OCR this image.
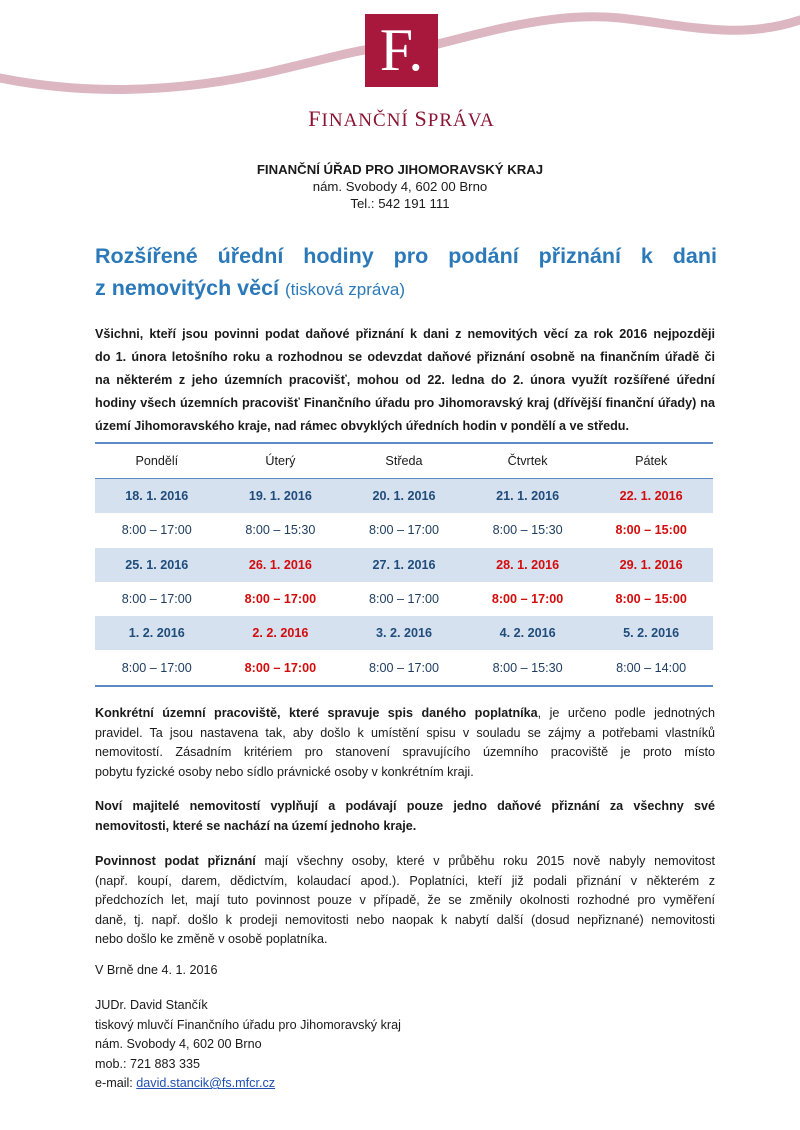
F.
FINANČNÍ SPRÁVA
FINANČNÍ ÚŘAD PRO JIHOMORAVSKÝ KRAJ
nám. Svobody 4, 602 00 Brno
Tel.: 542 191 111
Rozšířené úřední hodiny pro podání přiznání k dani
z nemovitých věcí (tisková zpráva)
Všichni, kteří jsou povinni podat daňové přiznání k dani z nemovitých věcí za rok 2016 nejpozději
do 1. února letošního roku a rozhodnou se odevzdat daňové přiznání osobně na finančním úřadě či
na některém z jeho územních pracovišť, mohou od 22. ledna do 2. února využít rozšířené úřední
hodiny všech územních pracovišť Finančního úřadu pro Jihomoravský kraj (dřívější finanční úřady) na
území Jihomoravského kraje, nad rámec obvyklých úředních hodin v pondělí a ve středu.
Pondělí	Úterý	Středa	Čtvrtek	Pátek
18. 1. 2016	19. 1. 2016	20. 1. 2016	21. 1. 2016	22. 1. 2016
8:00 – 17:00	8:00 – 15:30	8:00 – 17:00	8:00 – 15:30	8:00 – 15:00
25. 1. 2016	26. 1. 2016	27. 1. 2016	28. 1. 2016	29. 1. 2016
8:00 – 17:00	8:00 – 17:00	8:00 – 17:00	8:00 – 17:00	8:00 – 15:00
1. 2. 2016	2. 2. 2016	3. 2. 2016	4. 2. 2016	5. 2. 2016
8:00 – 17:00	8:00 – 17:00	8:00 – 17:00	8:00 – 15:30	8:00 – 14:00
Konkrétní územní pracoviště, které spravuje spis daného poplatníka, je určeno podle jednotných
pravidel. Ta jsou nastavena tak, aby došlo k umístění spisu v souladu se zájmy a potřebami vlastníků
nemovitostí. Zásadním kritériem pro stanovení spravujícího územního pracoviště je proto místo
pobytu fyzické osoby nebo sídlo právnické osoby v konkrétním kraji.
Noví majitelé nemovitostí vyplňují a podávají pouze jedno daňové přiznání za všechny své
nemovitosti, které se nachází na území jednoho kraje.
Povinnost podat přiznání mají všechny osoby, které v průběhu roku 2015 nově nabyly nemovitost
(např. koupí, darem, dědictvím, kolaudací apod.). Poplatníci, kteří již podali přiznání v některém z
předchozích let, mají tuto povinnost pouze v případě, že se změnily okolnosti rozhodné pro vyměření
daně, tj. např. došlo k prodeji nemovitosti nebo naopak k nabytí další (dosud nepřiznané) nemovitosti
nebo došlo ke změně v osobě poplatníka.
V Brně dne 4. 1. 2016
JUDr. David Stančík
tiskový mluvčí Finančního úřadu pro Jihomoravský kraj
nám. Svobody 4, 602 00 Brno
mob.: 721 883 335
e-mail: david.stancik@fs.mfcr.cz
